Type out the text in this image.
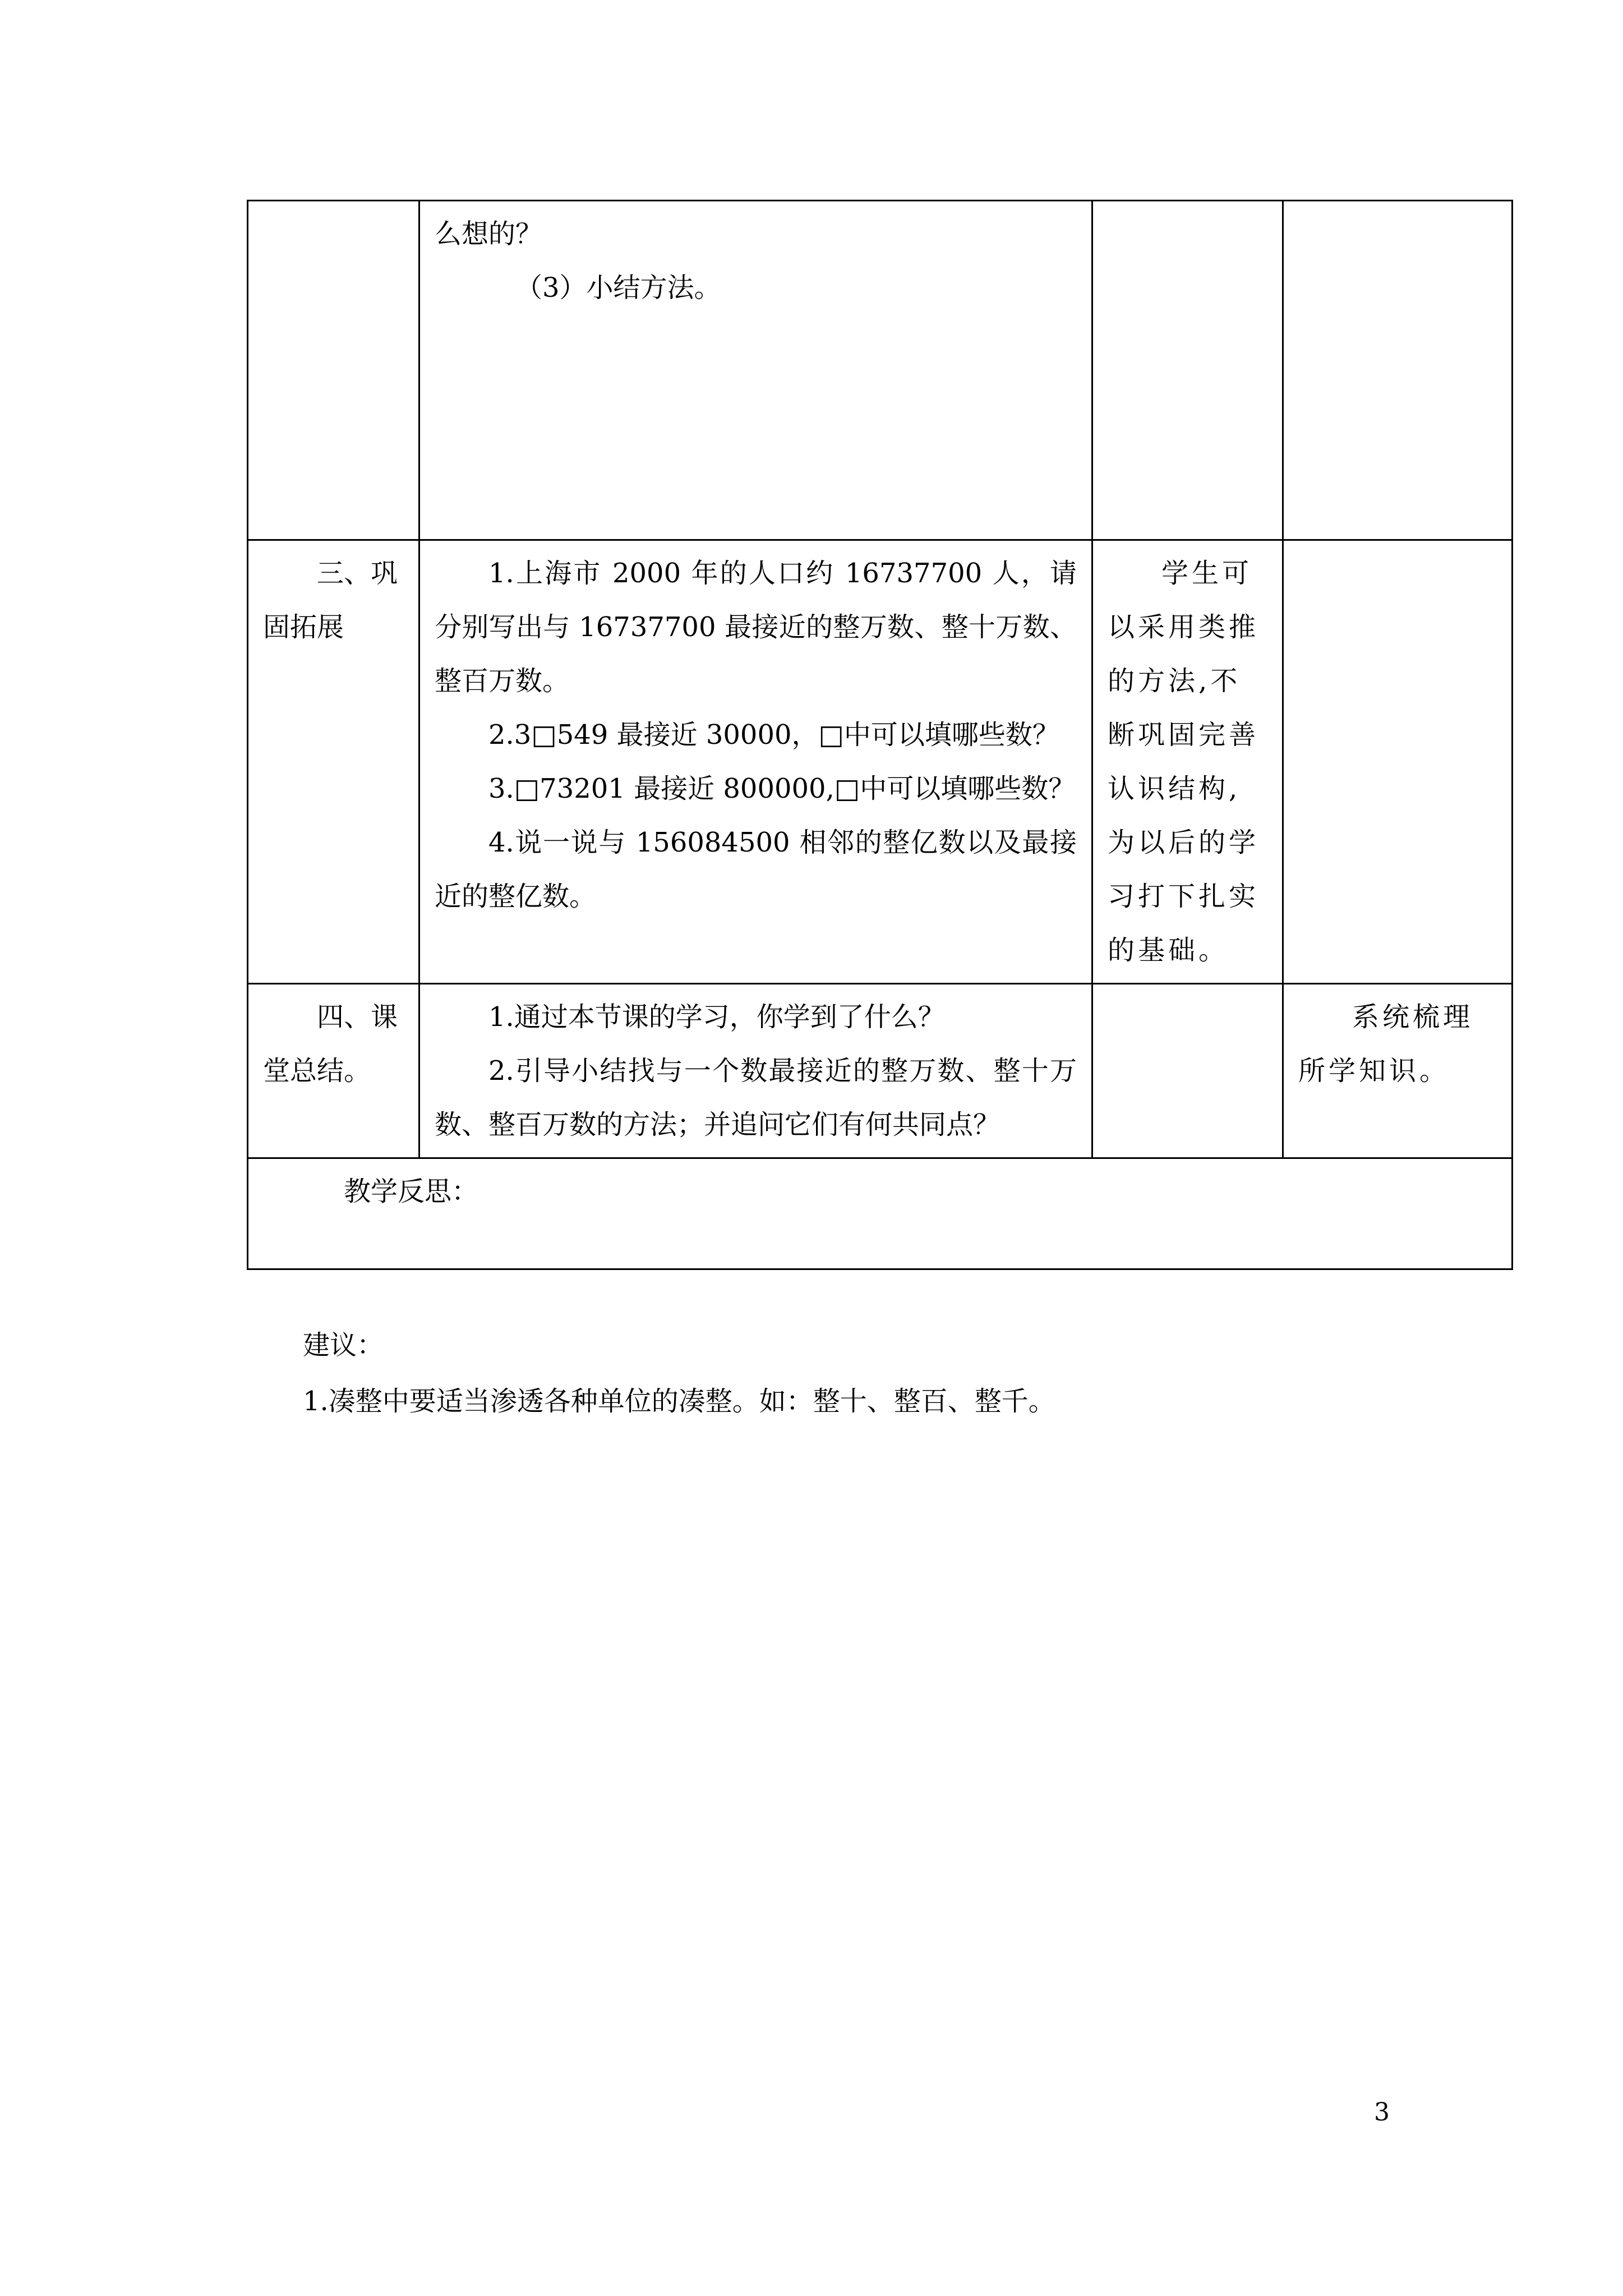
	么想的？

（3）小结方法。		

三、巩固拓展	1.上海市 2000 年的人口约 16737700 人，请分别写出与 16737700 最接近的整万数、整十万数、整百万数。

2.3□549 最接近 30000，□中可以填哪些数？

3.□73201 最接近 800000,□中可以填哪些数？

4.说一说与 156084500 相邻的整亿数以及最接近的整亿数。	学生可以采用类推的方法,不断巩固完善认识结构,为以后的学习打下扎实的基础。	

四、课堂总结。	1.通过本节课的学习，你学到了什么？

2.引导小结找与一个数最接近的整万数、整十万数、整百万数的方法；并追问它们有何共同点？		系统梳理所学知识。

教学反思：			

建议：

1.凑整中要适当渗透各种单位的凑整。如：整十、整百、整千。

3
